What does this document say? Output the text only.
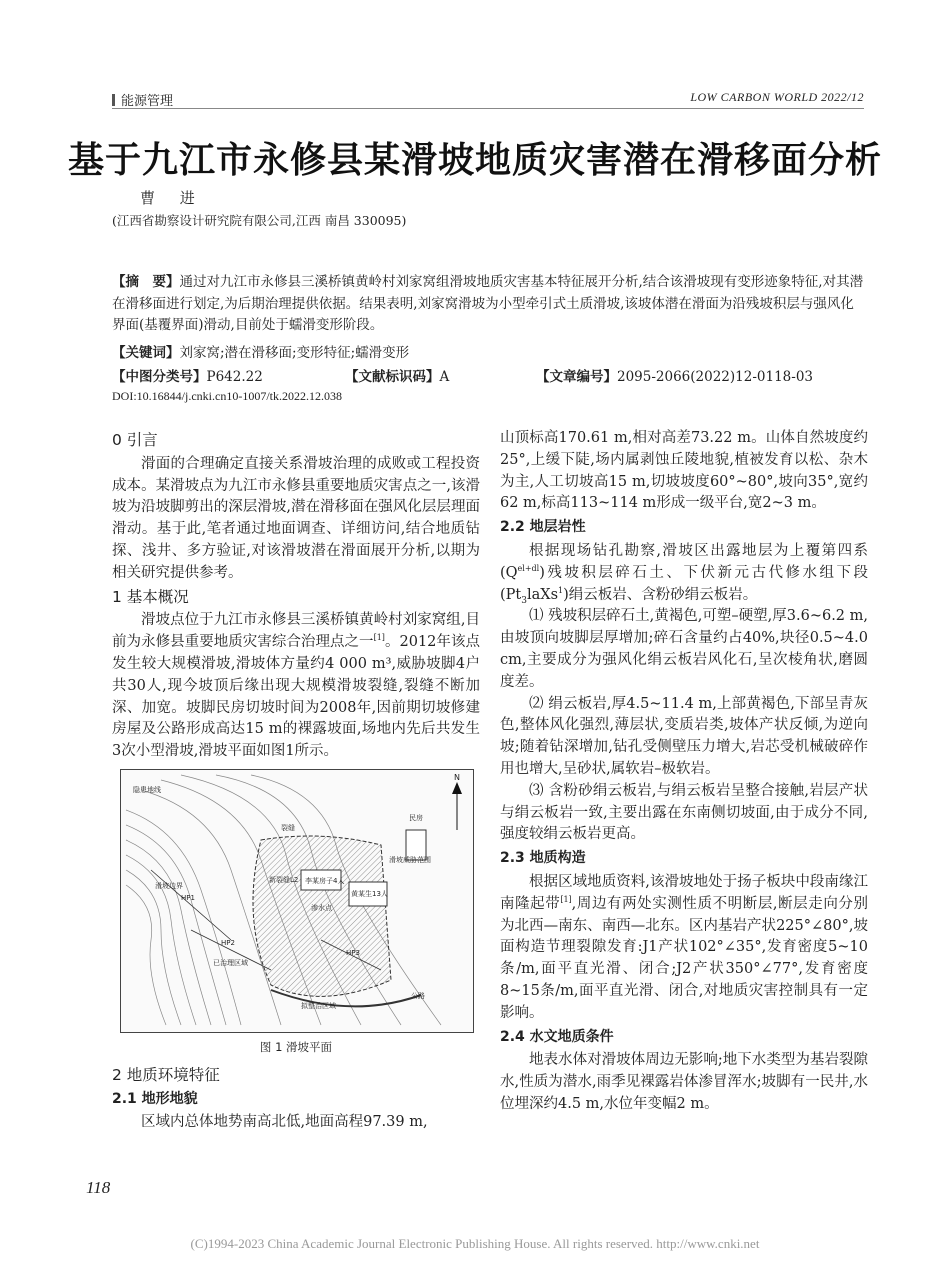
能源管理	LOW CARBON WORLD 2022/12
基于九江市永修县某滑坡地质灾害潜在滑移面分析
曹 进
(江西省勘察设计研究院有限公司,江西 南昌 330095)
【摘　要】通过对九江市永修县三溪桥镇黄岭村刘家窝组滑坡地质灾害基本特征展开分析,结合该滑坡现有变形迹象特征,对其潜在滑移面进行划定,为后期治理提供依据。结果表明,刘家窝滑坡为小型牵引式土质滑坡,该坡体潜在滑面为沿残坡积层与强风化界面(基覆界面)滑动,目前处于蠕滑变形阶段。
【关键词】刘家窝;潜在滑移面;变形特征;蠕滑变形
【中图分类号】P642.22	【文献标识码】A	【文章编号】2095-2066(2022)12-0118-03
DOI:10.16844/j.cnki.cn10-1007/tk.2022.12.038
0 引言

滑面的合理确定直接关系滑坡治理的成败或工程投资成本。某滑坡点为九江市永修县重要地质灾害点之一,该滑坡为沿坡脚剪出的深层滑坡,潜在滑移面在强风化层层理面滑动。基于此,笔者通过地面调查、详细访问,结合地质钻探、浅井、多方验证,对该滑坡潜在滑面展开分析,以期为相关研究提供参考。

1 基本概况

滑坡点位于九江市永修县三溪桥镇黄岭村刘家窝组,目前为永修县重要地质灾害综合治理点之一[1]。2012年该点发生较大规模滑坡,滑坡体方量约4 000 m³,威胁坡脚4户共30人,现今坡顶后缘出现大规模滑坡裂缝,裂缝不断加深、加宽。坡脚民房切坡时间为2008年,因前期切坡修建房屋及公路形成高达15 m的裸露坡面,场地内先后共发生3次小型滑坡,滑坡平面如图1所示。

隐患地线
滑坡边界
新裂缝L2 李某房子4人
黄某生13人
渗水点
滑坡威胁范围
已治理区域
拟整治区域
民房
HP1
HP2
HP3
裂缝
公路
N
图 1 滑坡平面
2 地质环境特征
2.1 地形地貌

区域内总体地势南高北低,地面高程97.39 m,

山顶标高170.61 m,相对高差73.22 m。山体自然坡度约25°,上缓下陡,场内属剥蚀丘陵地貌,植被发育以松、杂木为主,人工切坡高15 m,切坡坡度60°~80°,坡向35°,宽约62 m,标高113~114 m形成一级平台,宽2~3 m。

2.2 地层岩性

根据现场钻孔勘察,滑坡区出露地层为上覆第四系$(Q^{el+dl})$残坡积层碎石土、下伏新元古代修水组下段$(Pt_3laXs^1)$绢云板岩、含粉砂绢云板岩。

⑴ 残坡积层碎石土,黄褐色,可塑–硬塑,厚3.6~6.2 m,由坡顶向坡脚层厚增加;碎石含量约占40%,块径0.5~4.0 cm,主要成分为强风化绢云板岩风化石,呈次棱角状,磨圆度差。

⑵ 绢云板岩,厚4.5~11.4 m,上部黄褐色,下部呈青灰色,整体风化强烈,薄层状,变质岩类,坡体产状反倾,为逆向坡;随着钻深增加,钻孔受侧壁压力增大,岩芯受机械破碎作用也增大,呈砂状,属软岩–极软岩。

⑶ 含粉砂绢云板岩,与绢云板岩呈整合接触,岩层产状与绢云板岩一致,主要出露在东南侧切坡面,由于成分不同,强度较绢云板岩更高。

2.3 地质构造

根据区域地质资料,该滑坡地处于扬子板块中段南缘江南隆起带[1],周边有两处实测性质不明断层,断层走向分别为北西—南东、南西—北东。区内基岩产状225°∠80°,坡面构造节理裂隙发育:J1产状102°∠35°,发育密度5~10条/m,面平直光滑、闭合;J2产状350°∠77°,发育密度8~15条/m,面平直光滑、闭合,对地质灾害控制具有一定影响。

2.4 水文地质条件

地表水体对滑坡体周边无影响;地下水类型为基岩裂隙水,性质为潜水,雨季见裸露岩体渗冒浑水;坡脚有一民井,水位埋深约4.5 m,水位年变幅2 m。

118
(C)1994-2023 China Academic Journal Electronic Publishing House. All rights reserved. http://www.cnki.net
